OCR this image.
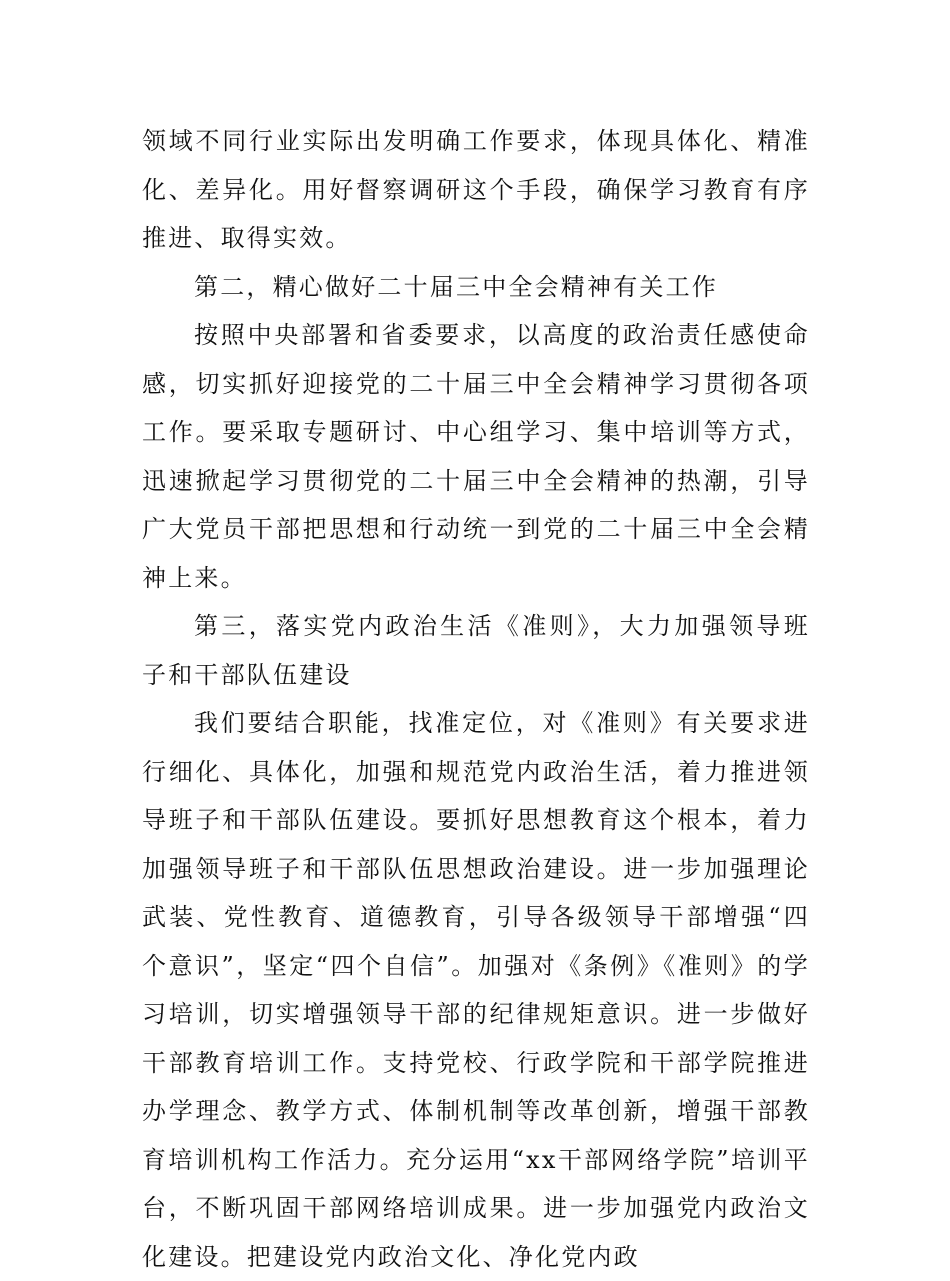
领域不同行业实际出发明确工作要求，体现具体化、精准化、差异化。用好督察调研这个手段，确保学习教育有序推进、取得实效。

第二，精心做好二十届三中全会精神有关工作

按照中央部署和省委要求，以高度的政治责任感使命感，切实抓好迎接党的二十届三中全会精神学习贯彻各项工作。要采取专题研讨、中心组学习、集中培训等方式，迅速掀起学习贯彻党的二十届三中全会精神的热潮，引导广大党员干部把思想和行动统一到党的二十届三中全会精神上来。

第三，落实党内政治生活《准则》，大力加强领导班子和干部队伍建设

我们要结合职能，找准定位，对《准则》有关要求进行细化、具体化，加强和规范党内政治生活，着力推进领导班子和干部队伍建设。要抓好思想教育这个根本，着力加强领导班子和干部队伍思想政治建设。进一步加强理论武装、党性教育、道德教育，引导各级领导干部增强“四个意识”，坚定“四个自信”。加强对《条例》《准则》的学习培训，切实增强领导干部的纪律规矩意识。进一步做好干部教育培训工作。支持党校、行政学院和干部学院推进办学理念、教学方式、体制机制等改革创新，增强干部教育培训机构工作活力。充分运用“xx干部网络学院”培训平台，不断巩固干部网络培训成果。进一步加强党内政治文化建设。把建设党内政治文化、净化党内政
